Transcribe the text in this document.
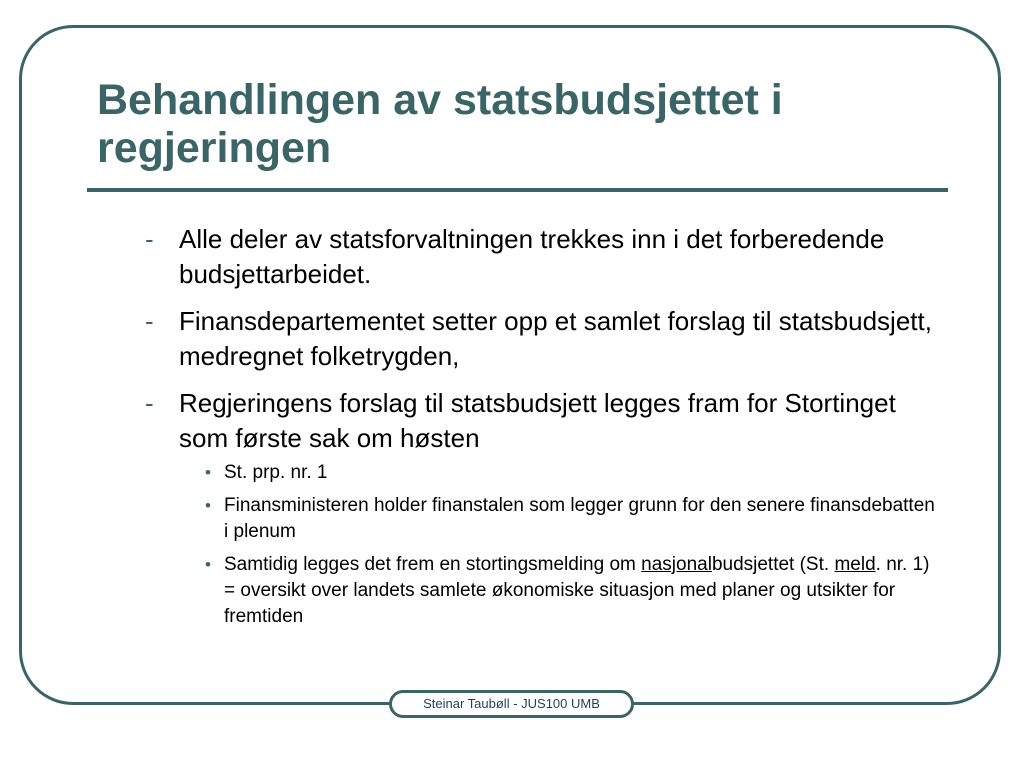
Behandlingen av statsbudsjettet i regjeringen
- Alle deler av statsforvaltningen trekkes inn i det forberedende budsjettarbeidet.
- Finansdepartementet setter opp et samlet forslag til statsbudsjett, medregnet folketrygden,
- Regjeringens forslag til statsbudsjett legges fram for Stortinget som første sak om høsten
• St. prp. nr. 1
• Finansministeren holder finanstalen som legger grunn for den senere finansdebatten i plenum
• Samtidig legges det frem en stortingsmelding om nasjonalbudsjettet (St. meld. nr. 1) = oversikt over landets samlete økonomiske situasjon med planer og utsikter for fremtiden
Steinar Taubøll - JUS100 UMB
